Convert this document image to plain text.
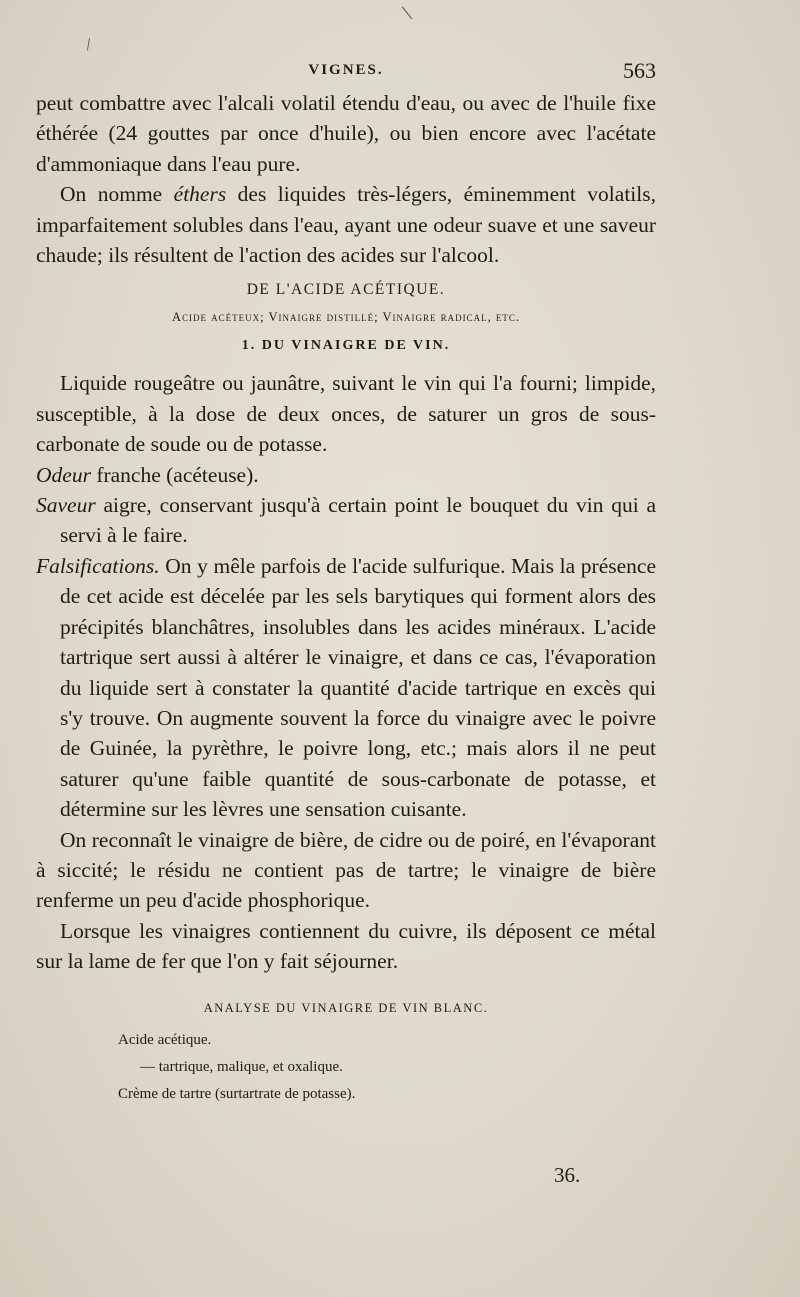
\
/
VIGNES.	563

peut combattre avec l'alcali volatil étendu d'eau, ou avec de l'huile fixe éthérée (24 gouttes par once d'huile), ou bien encore avec l'acétate d'ammoniaque dans l'eau pure.

On nomme éthers des liquides très-légers, éminemment volatils, imparfaitement solubles dans l'eau, ayant une odeur suave et une saveur chaude; ils résultent de l'action des acides sur l'alcool.

DE L'ACIDE ACÉTIQUE.

Acide acéteux; Vinaigre distillé; Vinaigre radical, etc.

1. DU VINAIGRE DE VIN.

Liquide rougeâtre ou jaunâtre, suivant le vin qui l'a fourni; limpide, susceptible, à la dose de deux onces, de saturer un gros de sous-carbonate de soude ou de potasse.

Odeur franche (acéteuse).

Saveur aigre, conservant jusqu'à certain point le bouquet du vin qui a servi à le faire.

Falsifications. On y mêle parfois de l'acide sulfurique. Mais la présence de cet acide est décelée par les sels barytiques qui forment alors des précipités blanchâtres, insolubles dans les acides minéraux. L'acide tartrique sert aussi à altérer le vinaigre, et dans ce cas, l'évaporation du liquide sert à constater la quantité d'acide tartrique en excès qui s'y trouve. On augmente souvent la force du vinaigre avec le poivre de Guinée, la pyrèthre, le poivre long, etc.; mais alors il ne peut saturer qu'une faible quantité de sous-carbonate de potasse, et détermine sur les lèvres une sensation cuisante.

On reconnaît le vinaigre de bière, de cidre ou de poiré, en l'évaporant à siccité; le résidu ne contient pas de tartre; le vinaigre de bière renferme un peu d'acide phosphorique.

Lorsque les vinaigres contiennent du cuivre, ils déposent ce métal sur la lame de fer que l'on y fait séjourner.

ANALYSE DU VINAIGRE DE VIN BLANC.

Acide acétique.
— tartrique, malique, et oxalique.
Crème de tartre (surtartrate de potasse).
36.
